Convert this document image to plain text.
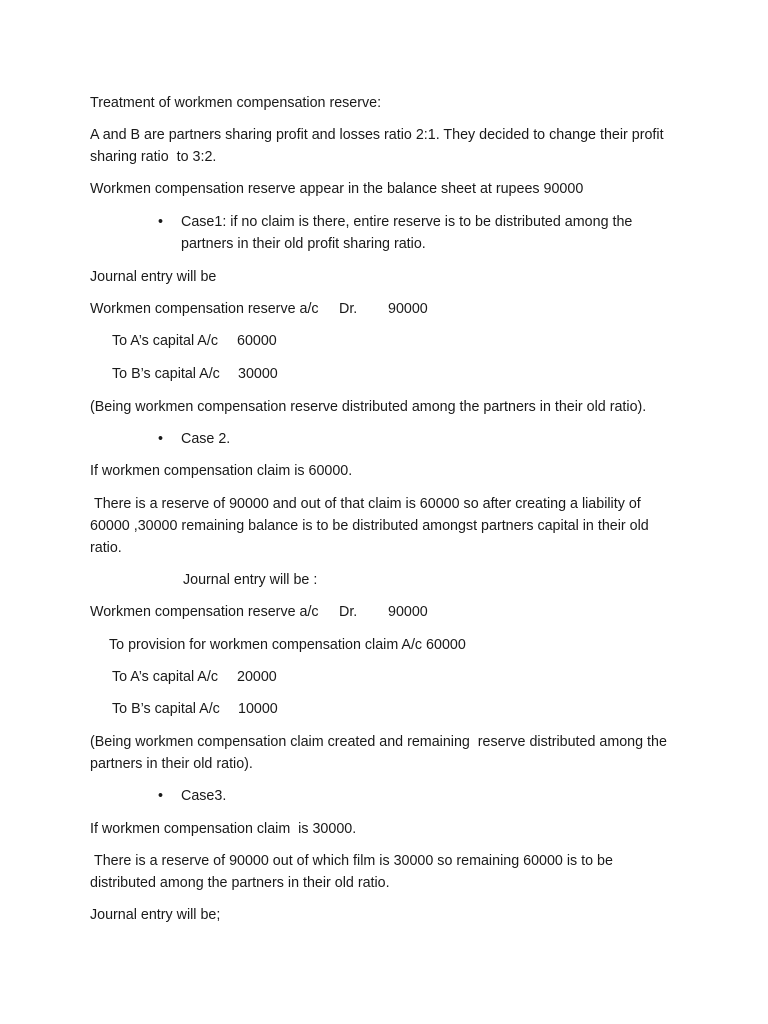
Treatment of workmen compensation reserve:

A and B are partners sharing profit and losses ratio 2:1. They decided to change their profit sharing ratio  to 3:2.

Workmen compensation reserve appear in the balance sheet at rupees 90000

•	Case1: if no claim is there, entire reserve is to be distributed among the partners in their old profit sharing ratio.

Journal entry will be

Workmen compensation reserve a/c Dr. 90000
To A’s capital A/c 60000
To B’s capital A/c 30000

(Being workmen compensation reserve distributed among the partners in their old ratio).

•	Case 2.

If workmen compensation claim is 60000.

There is a reserve of 90000 and out of that claim is 60000 so after creating a liability of 60000 ,30000 remaining balance is to be distributed amongst partners capital in their old ratio.

Journal entry will be :

Workmen compensation reserve a/c Dr. 90000

To provision for workmen compensation claim A/c 60000

To A’s capital A/c 20000
To B’s capital A/c 10000

(Being workmen compensation claim created and remaining  reserve distributed among the partners in their old ratio).

•	Case3.

If workmen compensation claim  is 30000.

There is a reserve of 90000 out of which film is 30000 so remaining 60000 is to be distributed among the partners in their old ratio.

Journal entry will be;
